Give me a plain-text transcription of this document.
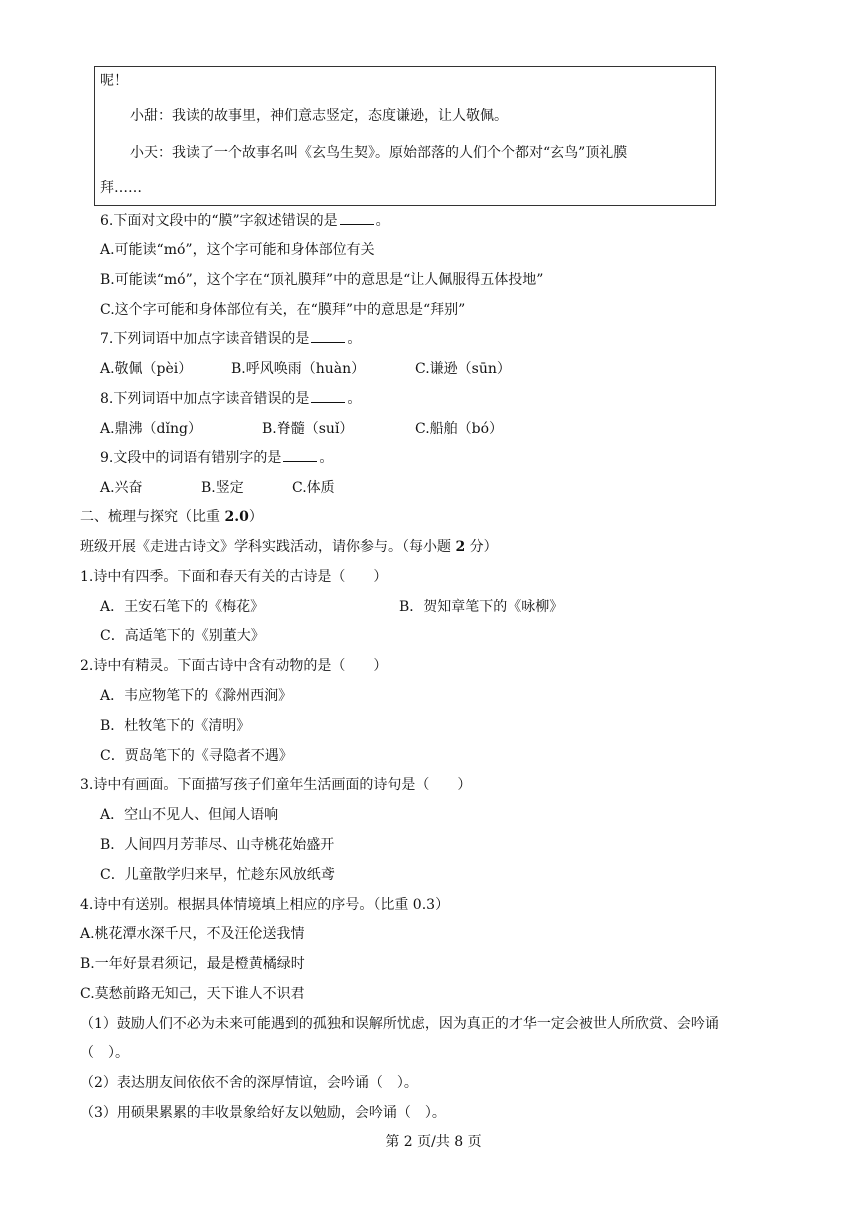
呢！
小甜：我读的故事里，神们意志竖定，态度谦逊，让人敬佩。
小天：我读了一个故事名叫《玄鸟生契》。原始部落的人们个个都对“玄鸟”顶礼膜
拜……
6.下面对文段中的“膜”字叙述错误的是	。
A.可能读“mó”，这个字可能和身体部位有关
B.可能读“mó”，这个字在“顶礼膜拜”中的意思是“让人佩服得五体投地”
C.这个字可能和身体部位有关，在“膜拜”中的意思是“拜别”
7.下列词语中加点字读音错误的是	。
A.敬佩（pèi）	B.呼风唤雨（huàn）	C.谦逊（sūn）
8.下列词语中加点字读音错误的是	。
A.鼎沸（dǐng）	B.脊髓（suǐ）	C.船舶（bó）
9.文段中的词语有错别字的是	。
A.兴奋	B.竖定	C.体质
二、梳理与探究（比重 2.0）
班级开展《走进古诗文》学科实践活动，请你参与。（每小题 2 分）
1.诗中有四季。下面和春天有关的古诗是（　　）
A．王安石笔下的《梅花》	B．贺知章笔下的《咏柳》
C．高适笔下的《别董大》
2.诗中有精灵。下面古诗中含有动物的是（　　）
A．韦应物笔下的《滁州西涧》
B．杜牧笔下的《清明》
C．贾岛笔下的《寻隐者不遇》
3.诗中有画面。下面描写孩子们童年生活画面的诗句是（　　）
A．空山不见人、但闻人语响
B．人间四月芳菲尽、山寺桃花始盛开
C．儿童散学归来早，忙趁东风放纸鸢
4.诗中有送别。根据具体情境填上相应的序号。（比重 0.3）
A.桃花潭水深千尺，不及汪伦送我情
B.一年好景君须记，最是橙黄橘绿时
C.莫愁前路无知己，天下谁人不识君
（1）鼓励人们不必为未来可能遇到的孤独和误解所忧虑，因为真正的才华一定会被世人所欣赏、会吟诵
（　）。
（2）表达朋友间依依不舍的深厚情谊，会吟诵（　）。
（3）用硕果累累的丰收景象给好友以勉励，会吟诵（　）。
第 2 页/共 8 页
